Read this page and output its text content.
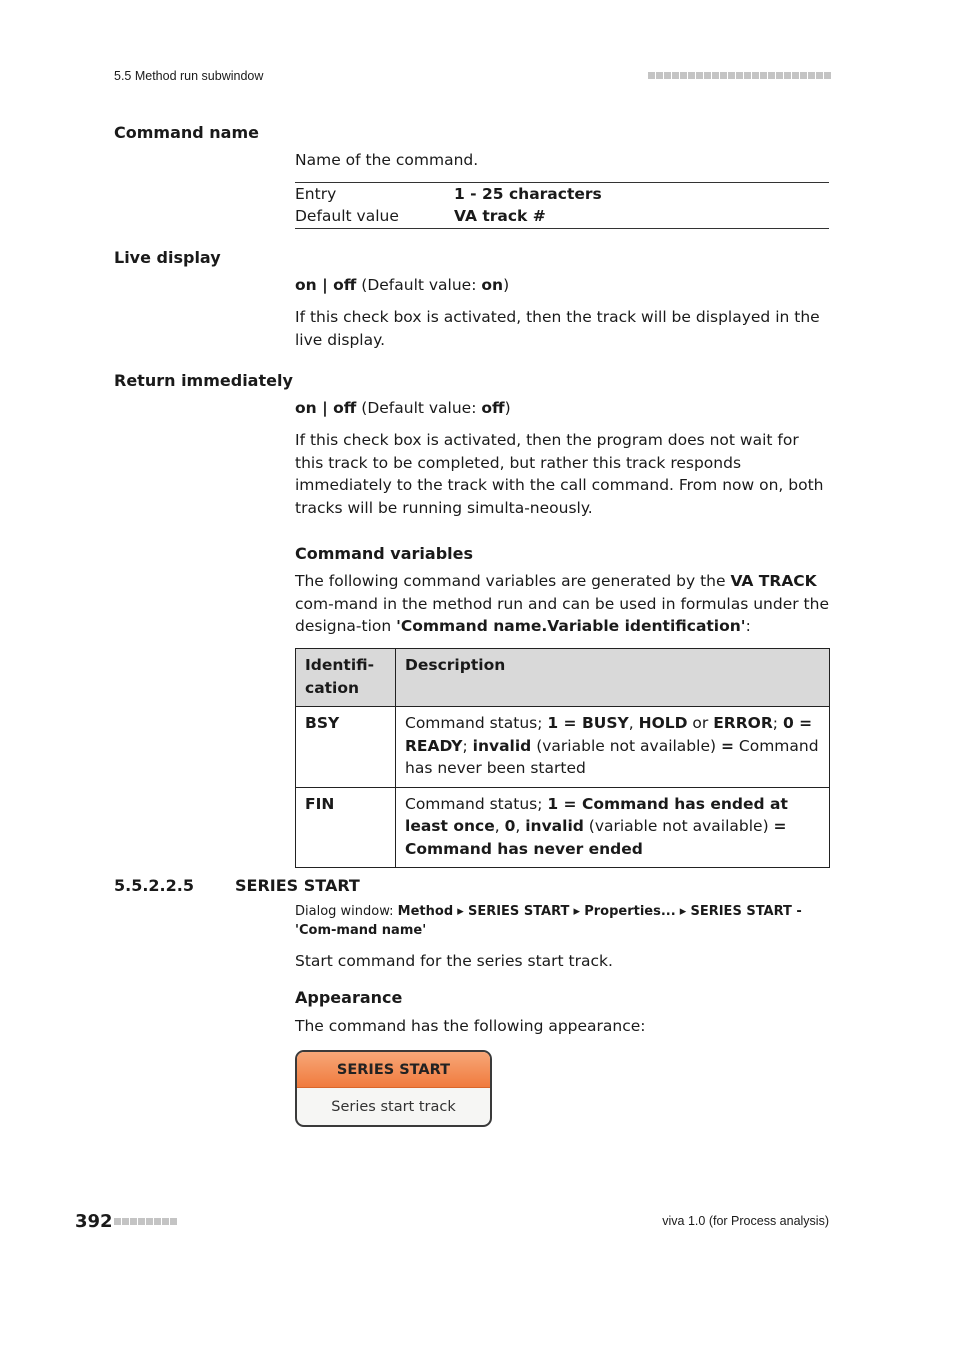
5.5 Method run subwindow
Command name

Name of the command.

Entry	1 - 25 characters
Default value	VA track #
Live display

on | off (Default value: on)

If this check box is activated, then the track will be displayed in the live display.

Return immediately

on | off (Default value: off)

If this check box is activated, then the program does not wait for this track to be completed, but rather this track responds immediately to the track with the call command. From now on, both tracks will be running simulta-neously.

Command variables

The following command variables are generated by the VA TRACK com-mand in the method run and can be used in formulas under the designa-tion 'Command name.Variable identification':

Identifi-cation	Description
BSY	Command status; 1 = BUSY, HOLD or ERROR; 0 = READY; invalid (variable not available) = Command has never been started
FIN	Command status; 1 = Command has ended at least once, 0, invalid (variable not available) = Command has never ended
5.5.2.2.5	SERIES START
Dialog window: Method ▸ SERIES START ▸ Properties... ▸ SERIES START - 'Com-mand name'

Start command for the series start track.

Appearance

The command has the following appearance:

SERIES START
Series start track
392	viva 1.0 (for Process analysis)
